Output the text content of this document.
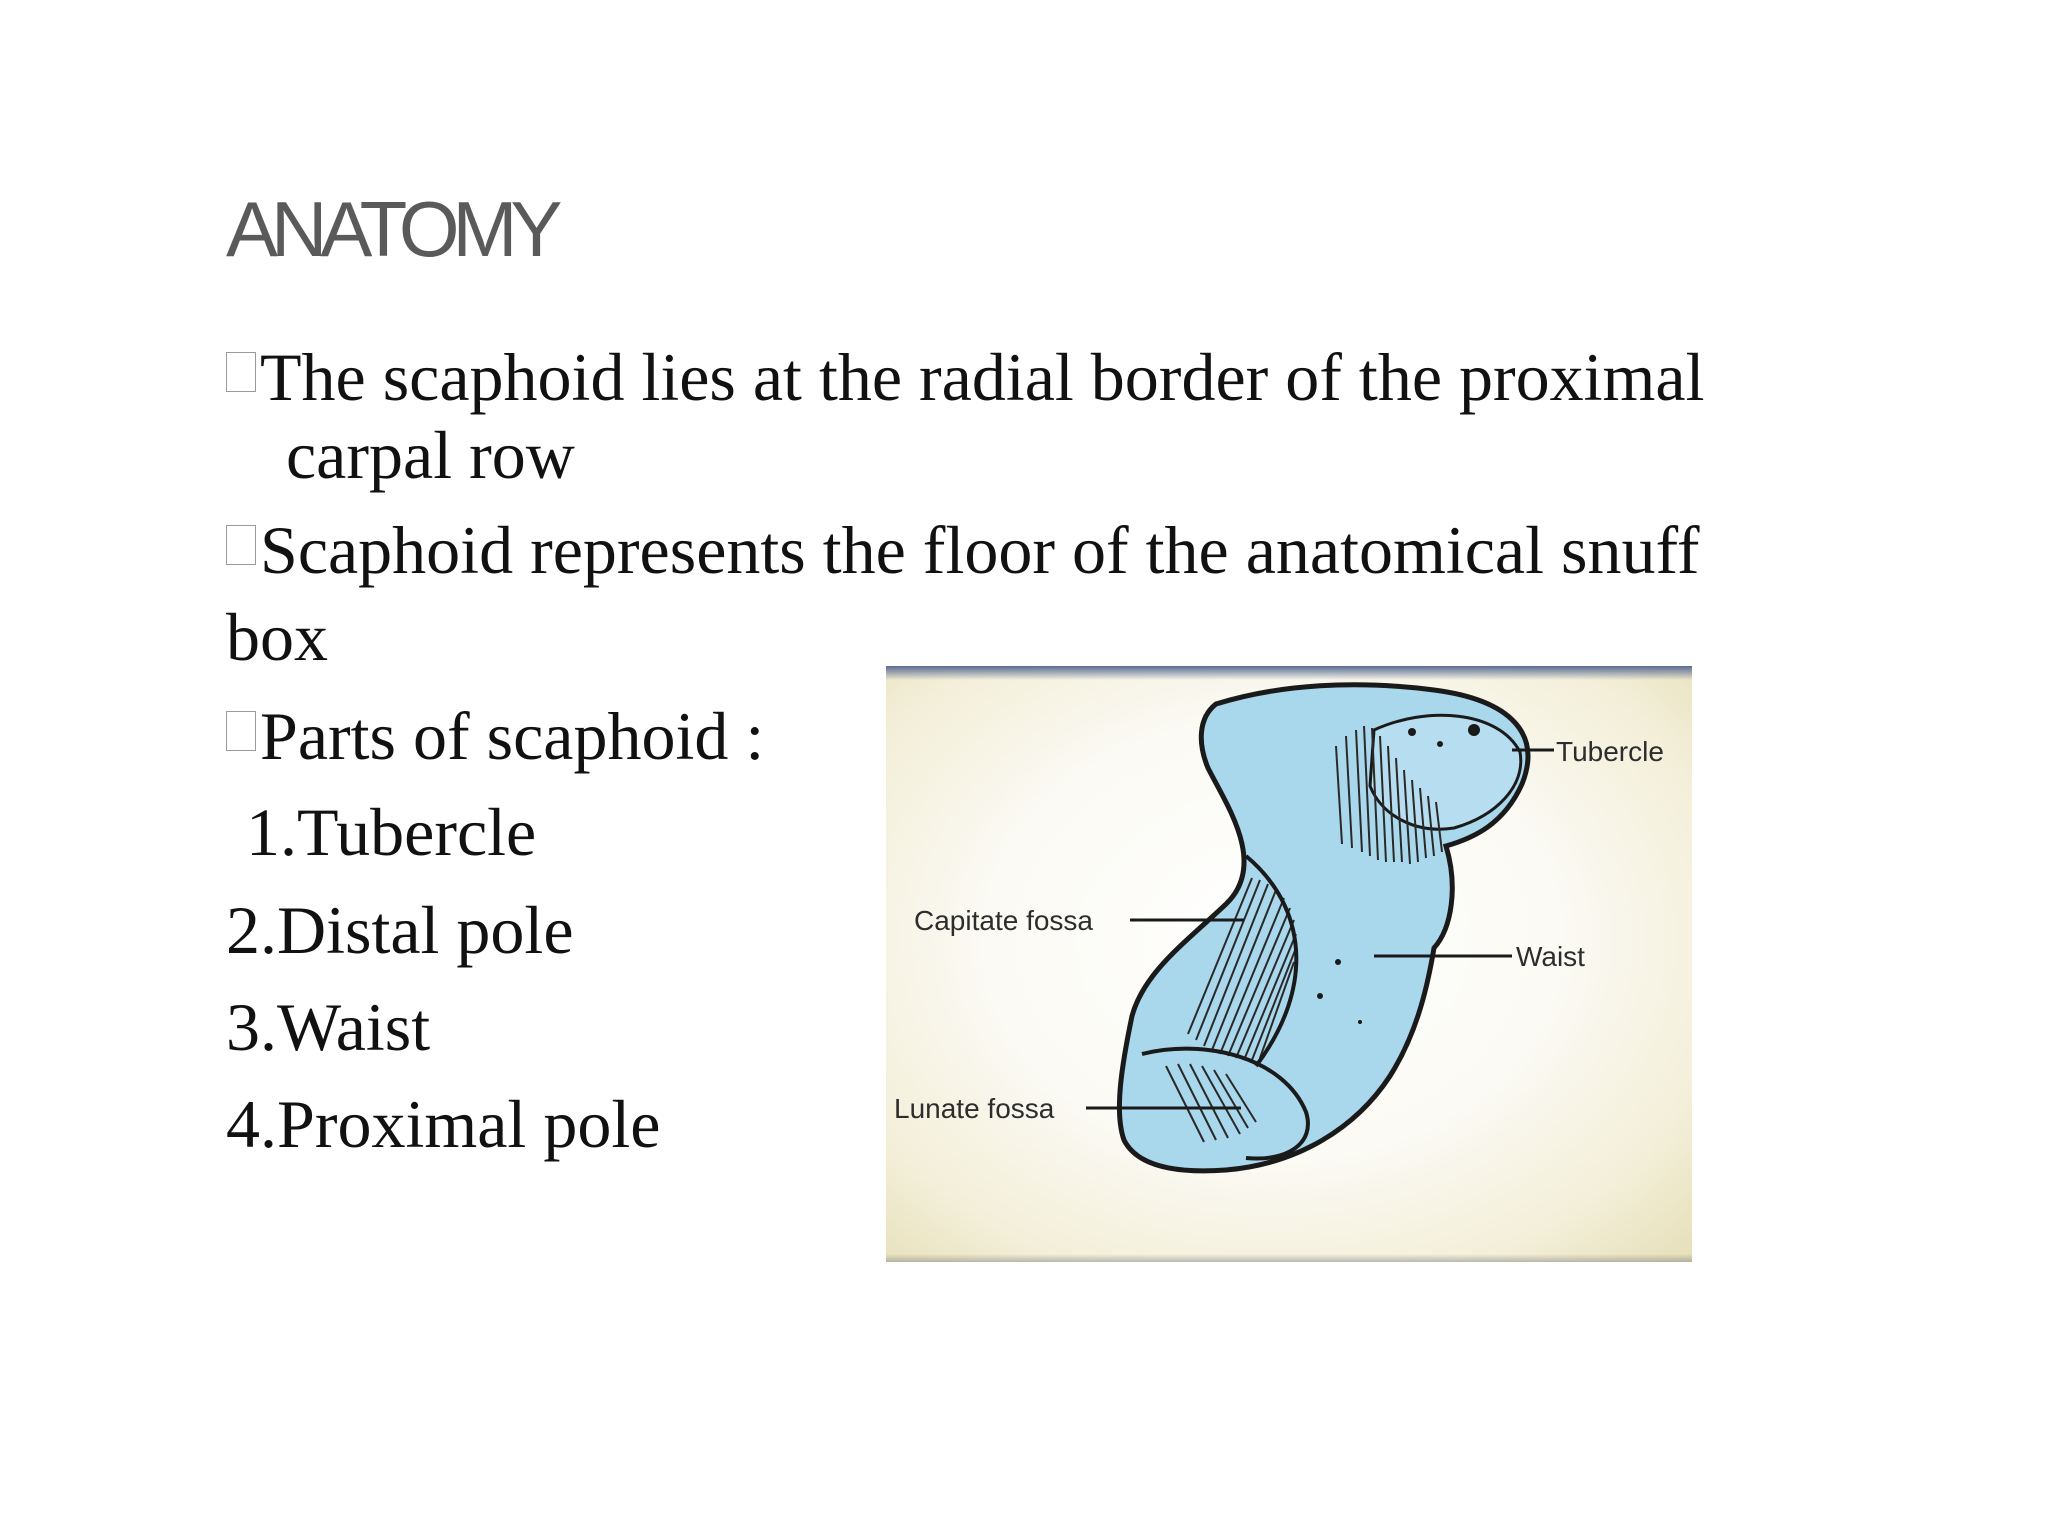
ANATOMY
The scaphoid lies at the radial border of the proximal
carpal row
Scaphoid represents the floor of the anatomical snuff
box
Parts of scaphoid :
1.Tubercle
2.Distal pole
3.Waist
4.Proximal pole
Tubercle
Capitate fossa
Waist
Lunate fossa
